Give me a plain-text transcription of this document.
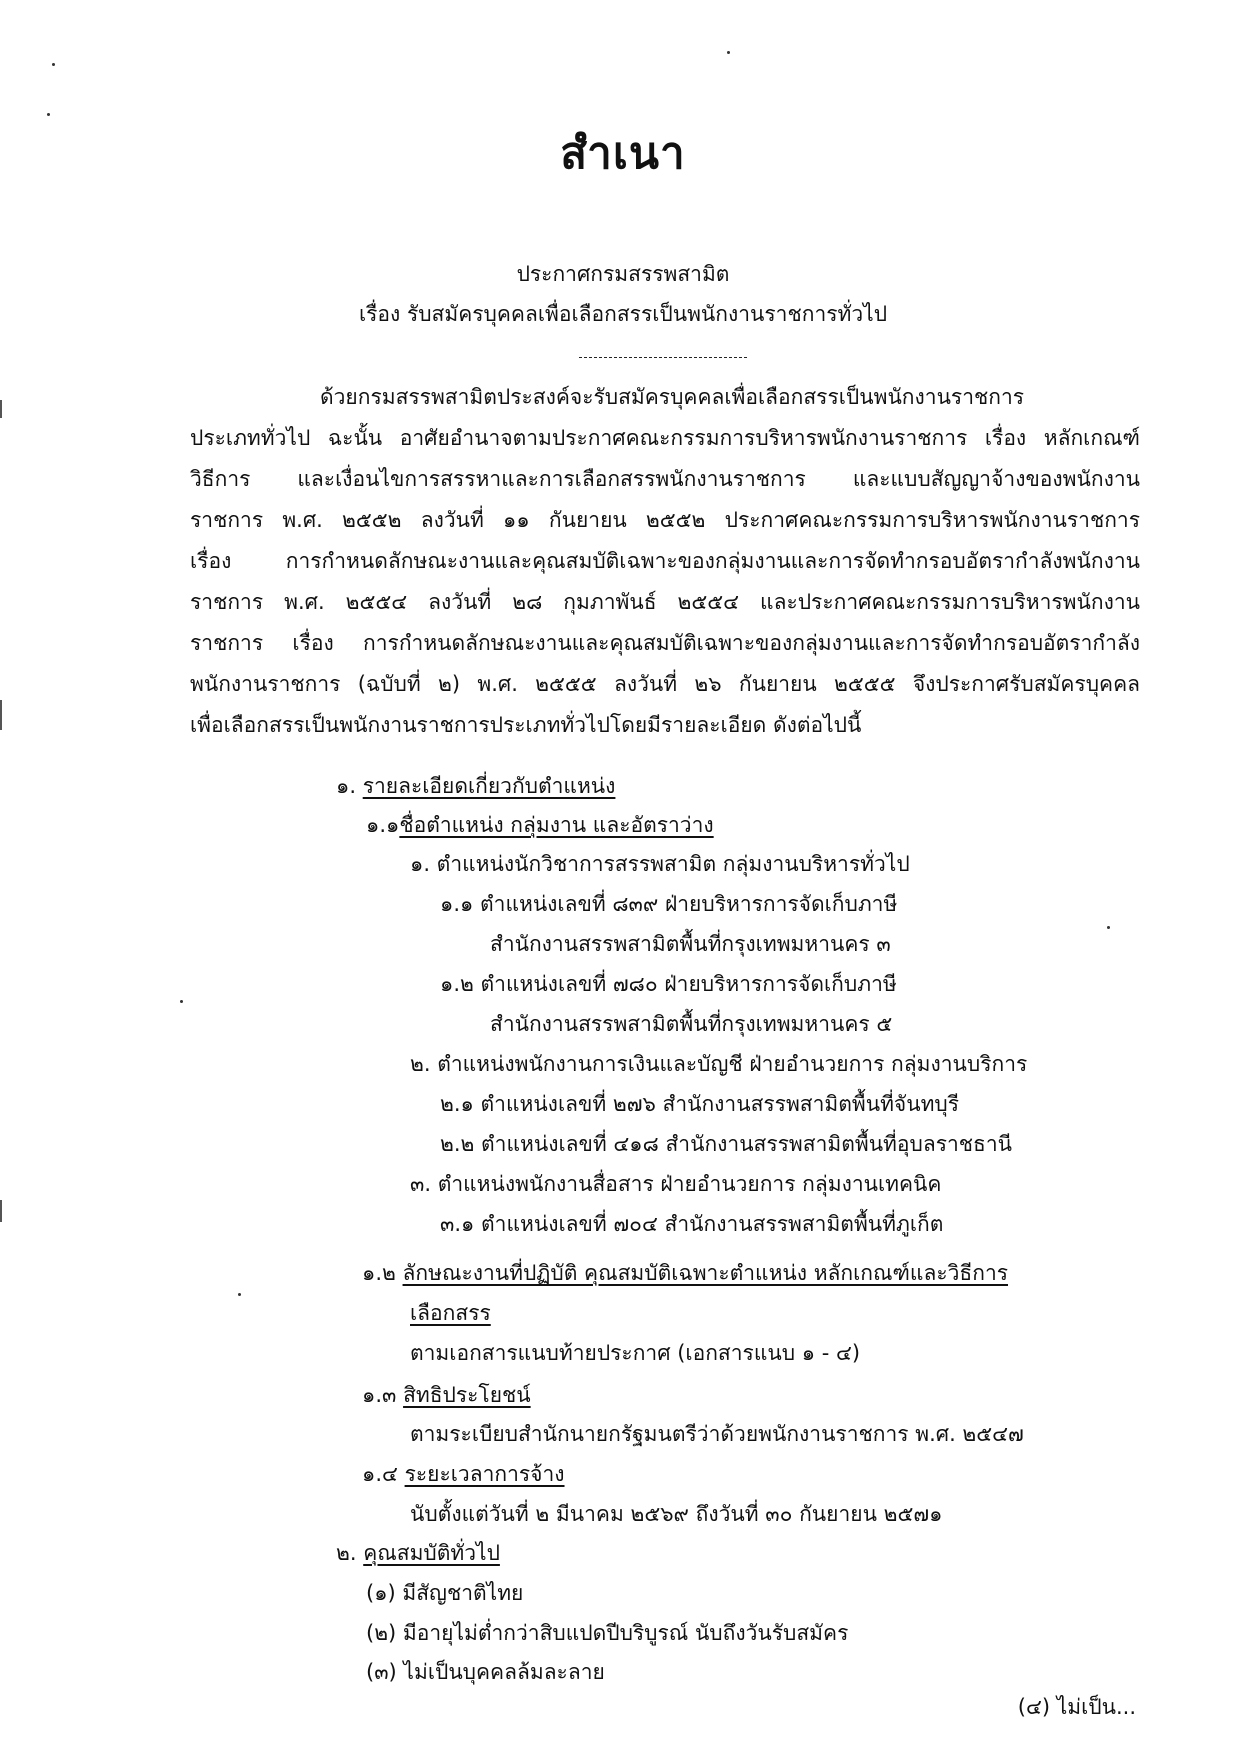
สำเนา
ประกาศกรมสรรพสามิต
เรื่อง รับสมัครบุคคลเพื่อเลือกสรรเป็นพนักงานราชการทั่วไป
ด้วยกรมสรรพสามิตประสงค์จะรับสมัครบุคคลเพื่อเลือกสรรเป็นพนักงานราชการ
ประเภททั่วไป ฉะนั้น อาศัยอำนาจตามประกาศคณะกรรมการบริหารพนักงานราชการ เรื่อง หลักเกณฑ์
วิธีการ และเงื่อนไขการสรรหาและการเลือกสรรพนักงานราชการ และแบบสัญญาจ้างของพนักงาน
ราชการ พ.ศ. ๒๕๕๒ ลงวันที่ ๑๑ กันยายน ๒๕๕๒ ประกาศคณะกรรมการบริหารพนักงานราชการ
เรื่อง การกำหนดลักษณะงานและคุณสมบัติเฉพาะของกลุ่มงานและการจัดทำกรอบอัตรากำลังพนักงาน
ราชการ พ.ศ. ๒๕๕๔ ลงวันที่ ๒๘ กุมภาพันธ์ ๒๕๕๔ และประกาศคณะกรรมการบริหารพนักงาน
ราชการ เรื่อง การกำหนดลักษณะงานและคุณสมบัติเฉพาะของกลุ่มงานและการจัดทำกรอบอัตรากำลัง
พนักงานราชการ (ฉบับที่ ๒) พ.ศ. ๒๕๕๕ ลงวันที่ ๒๖ กันยายน ๒๕๕๕ จึงประกาศรับสมัครบุคคล
เพื่อเลือกสรรเป็นพนักงานราชการประเภททั่วไปโดยมีรายละเอียด ดังต่อไปนี้
๑. รายละเอียดเกี่ยวกับตำแหน่ง
๑.๑ชื่อตำแหน่ง กลุ่มงาน และอัตราว่าง
๑. ตำแหน่งนักวิชาการสรรพสามิต กลุ่มงานบริหารทั่วไป
๑.๑ ตำแหน่งเลขที่ ๘๓๙ ฝ่ายบริหารการจัดเก็บภาษี
สำนักงานสรรพสามิตพื้นที่กรุงเทพมหานคร ๓
๑.๒ ตำแหน่งเลขที่ ๗๘๐ ฝ่ายบริหารการจัดเก็บภาษี
สำนักงานสรรพสามิตพื้นที่กรุงเทพมหานคร ๕
๒. ตำแหน่งพนักงานการเงินและบัญชี ฝ่ายอำนวยการ กลุ่มงานบริการ
๒.๑ ตำแหน่งเลขที่ ๒๗๖ สำนักงานสรรพสามิตพื้นที่จันทบุรี
๒.๒ ตำแหน่งเลขที่ ๔๑๘ สำนักงานสรรพสามิตพื้นที่อุบลราชธานี
๓. ตำแหน่งพนักงานสื่อสาร ฝ่ายอำนวยการ กลุ่มงานเทคนิค
๓.๑ ตำแหน่งเลขที่ ๗๐๔ สำนักงานสรรพสามิตพื้นที่ภูเก็ต
๑.๒ ลักษณะงานที่ปฏิบัติ คุณสมบัติเฉพาะตำแหน่ง หลักเกณฑ์และวิธีการ
เลือกสรร
ตามเอกสารแนบท้ายประกาศ (เอกสารแนบ ๑ - ๔)
๑.๓ สิทธิประโยชน์
ตามระเบียบสำนักนายกรัฐมนตรีว่าด้วยพนักงานราชการ พ.ศ. ๒๕๔๗
๑.๔ ระยะเวลาการจ้าง
นับตั้งแต่วันที่ ๒ มีนาคม ๒๕๖๙ ถึงวันที่ ๓๐ กันยายน ๒๕๗๑
๒. คุณสมบัติทั่วไป
(๑) มีสัญชาติไทย
(๒) มีอายุไม่ต่ำกว่าสิบแปดปีบริบูรณ์ นับถึงวันรับสมัคร
(๓) ไม่เป็นบุคคลล้มละลาย
(๔) ไม่เป็น...
